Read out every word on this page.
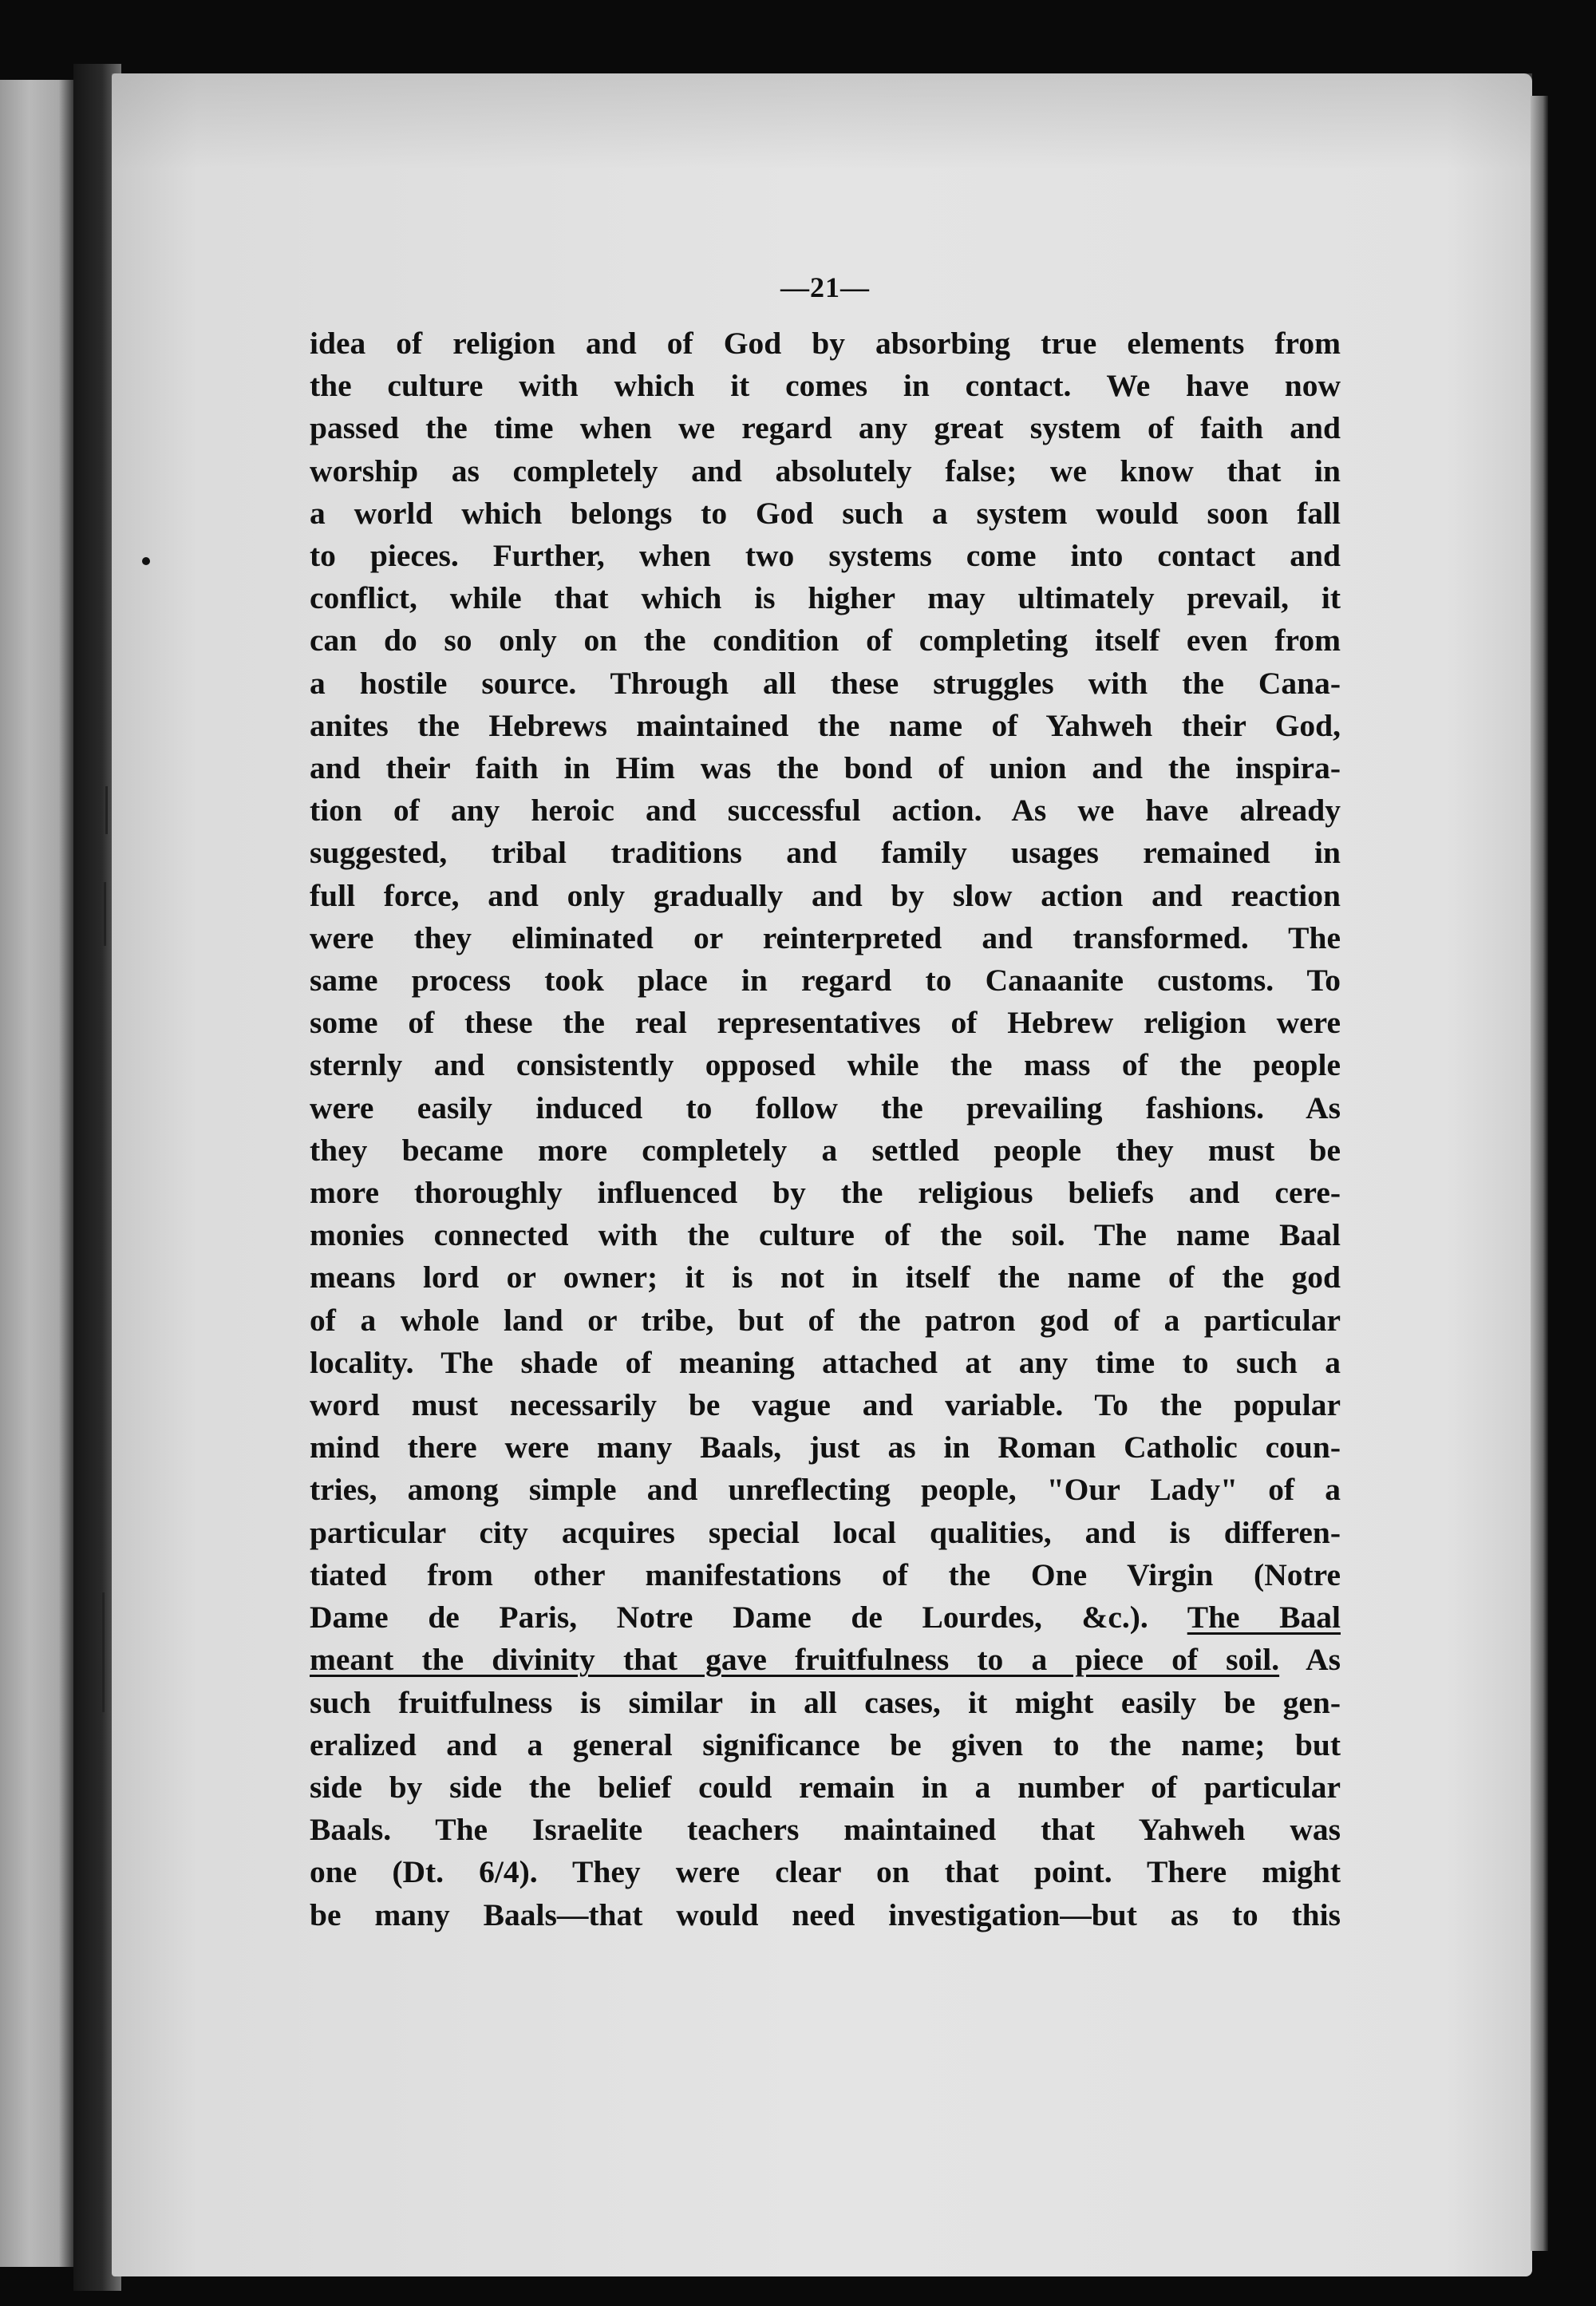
—21—
idea of religion and of God by absorbing true elements from
the culture with which it comes in contact. We have now
passed the time when we regard any great system of faith and
worship as completely and absolutely false; we know that in
a world which belongs to God such a system would soon fall
to pieces. Further, when two systems come into contact and
conflict, while that which is higher may ultimately prevail, it
can do so only on the condition of completing itself even from
a hostile source. Through all these struggles with the Cana-
anites the Hebrews maintained the name of Yahweh their God,
and their faith in Him was the bond of union and the inspira-
tion of any heroic and successful action. As we have already
suggested, tribal traditions and family usages remained in
full force, and only gradually and by slow action and reaction
were they eliminated or reinterpreted and transformed. The
same process took place in regard to Canaanite customs. To
some of these the real representatives of Hebrew religion were
sternly and consistently opposed while the mass of the people
were easily induced to follow the prevailing fashions. As
they became more completely a settled people they must be
more thoroughly influenced by the religious beliefs and cere-
monies connected with the culture of the soil. The name Baal
means lord or owner; it is not in itself the name of the god
of a whole land or tribe, but of the patron god of a particular
locality. The shade of meaning attached at any time to such a
word must necessarily be vague and variable. To the popular
mind there were many Baals, just as in Roman Catholic coun-
tries, among simple and unreflecting people, "Our Lady" of a
particular city acquires special local qualities, and is differen-
tiated from other manifestations of the One Virgin (Notre
Dame de Paris, Notre Dame de Lourdes, &c.). The Baal
meant the divinity that gave fruitfulness to a piece of soil. As
such fruitfulness is similar in all cases, it might easily be gen-
eralized and a general significance be given to the name; but
side by side the belief could remain in a number of particular
Baals. The Israelite teachers maintained that Yahweh was
one (Dt. 6/4). They were clear on that point. There might
be many Baals—that would need investigation—but as to this
